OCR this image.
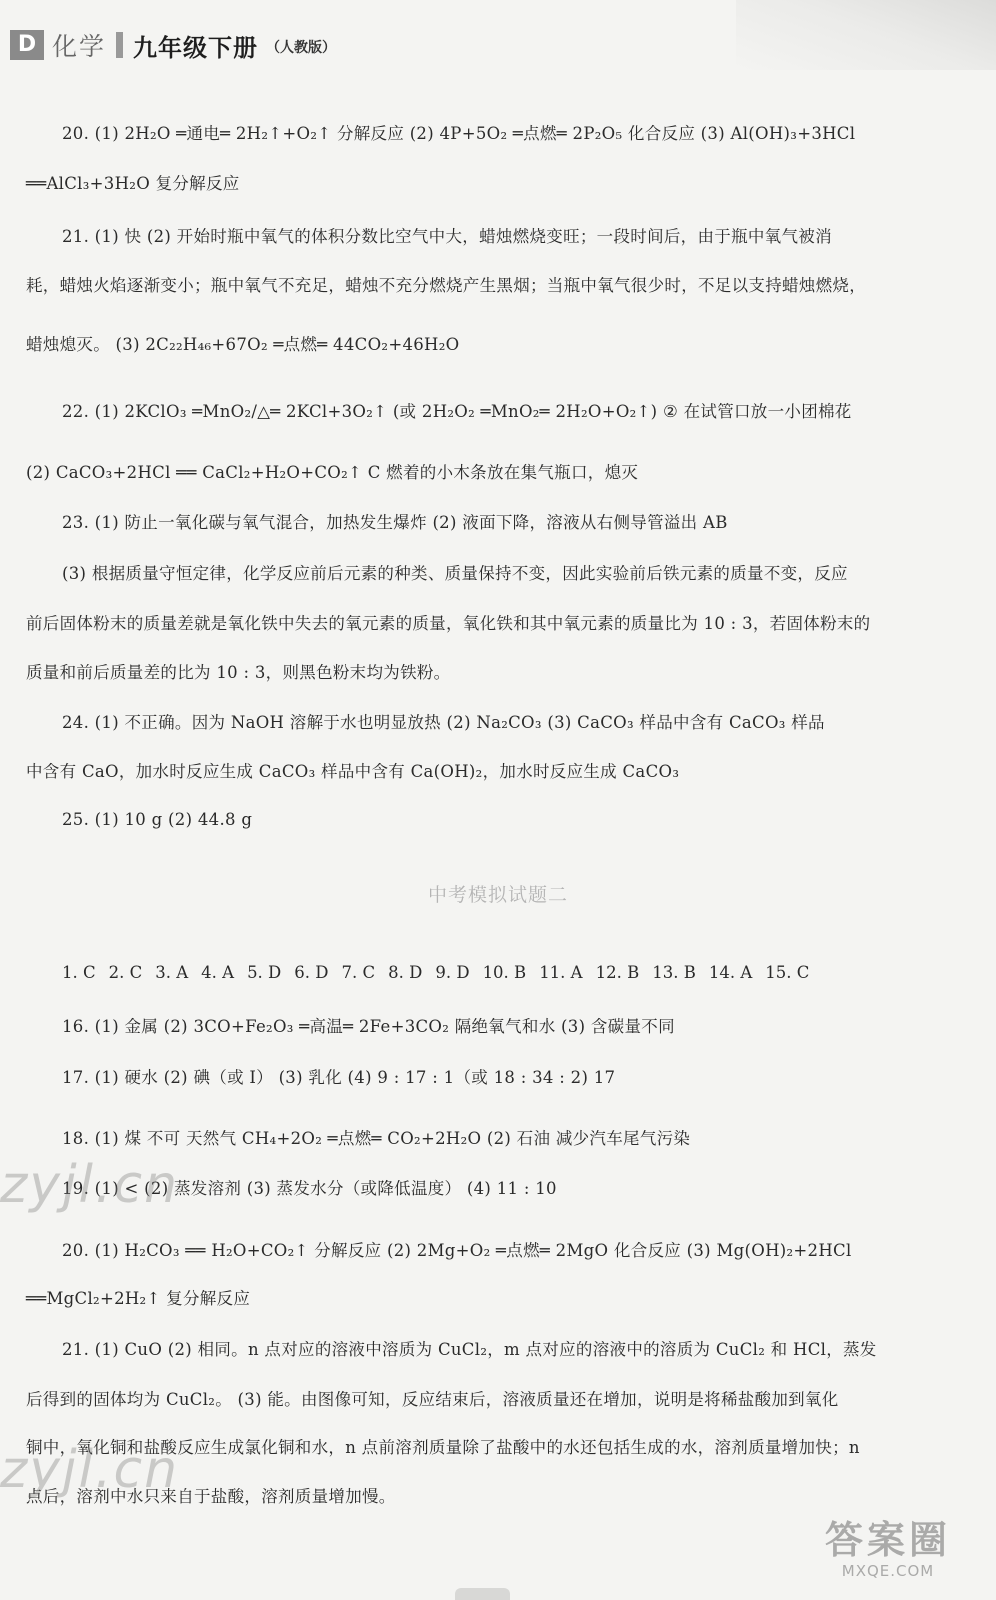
D 化学 九年级下册 （人教版）
20. (1) 2H₂O ═通电═ 2H₂↑+O₂↑ 分解反应 (2) 4P+5O₂ ═点燃═ 2P₂O₅ 化合反应 (3) Al(OH)₃+3HCl
══AlCl₃+3H₂O 复分解反应
21. (1) 快 (2) 开始时瓶中氧气的体积分数比空气中大，蜡烛燃烧变旺；一段时间后，由于瓶中氧气被消
耗，蜡烛火焰逐渐变小；瓶中氧气不充足，蜡烛不充分燃烧产生黑烟；当瓶中氧气很少时，不足以支持蜡烛燃烧，
蜡烛熄灭。 (3) 2C₂₂H₄₆+67O₂ ═点燃═ 44CO₂+46H₂O
22. (1) 2KClO₃ ═MnO₂/△═ 2KCl+3O₂↑ (或 2H₂O₂ ═MnO₂═ 2H₂O+O₂↑) ② 在试管口放一小团棉花
(2) CaCO₃+2HCl ══ CaCl₂+H₂O+CO₂↑ C 燃着的小木条放在集气瓶口，熄灭
23. (1) 防止一氧化碳与氧气混合，加热发生爆炸 (2) 液面下降，溶液从右侧导管溢出 AB
(3) 根据质量守恒定律，化学反应前后元素的种类、质量保持不变，因此实验前后铁元素的质量不变，反应
前后固体粉末的质量差就是氧化铁中失去的氧元素的质量，氧化铁和其中氧元素的质量比为 10 : 3，若固体粉末的
质量和前后质量差的比为 10 : 3，则黑色粉末均为铁粉。
24. (1) 不正确。因为 NaOH 溶解于水也明显放热 (2) Na₂CO₃ (3) CaCO₃ 样品中含有 CaCO₃ 样品
中含有 CaO，加水时反应生成 CaCO₃ 样品中含有 Ca(OH)₂，加水时反应生成 CaCO₃
25. (1) 10 g (2) 44.8 g
中考模拟试题二
1. C 2. C 3. A 4. A 5. D 6. D 7. C 8. D 9. D 10. B 11. A 12. B 13. B 14. A 15. C
16. (1) 金属 (2) 3CO+Fe₂O₃ ═高温═ 2Fe+3CO₂ 隔绝氧气和水 (3) 含碳量不同
17. (1) 硬水 (2) 碘（或 I） (3) 乳化 (4) 9 : 17 : 1（或 18 : 34 : 2) 17
18. (1) 煤 不可 天然气 CH₄+2O₂ ═点燃═ CO₂+2H₂O (2) 石油 减少汽车尾气污染
19. (1) < (2) 蒸发溶剂 (3) 蒸发水分（或降低温度） (4) 11 : 10
20. (1) H₂CO₃ ══ H₂O+CO₂↑ 分解反应 (2) 2Mg+O₂ ═点燃═ 2MgO 化合反应 (3) Mg(OH)₂+2HCl
══MgCl₂+2H₂↑ 复分解反应
21. (1) CuO (2) 相同。n 点对应的溶液中溶质为 CuCl₂，m 点对应的溶液中的溶质为 CuCl₂ 和 HCl，蒸发
后得到的固体均为 CuCl₂。 (3) 能。由图像可知，反应结束后，溶液质量还在增加，说明是将稀盐酸加到氧化
铜中，氧化铜和盐酸反应生成氯化铜和水，n 点前溶剂质量除了盐酸中的水还包括生成的水，溶剂质量增加快；n
点后，溶剂中水只来自于盐酸，溶剂质量增加慢。
zyjl.cn
zyjl.cn
答案圈
MXQE.COM
